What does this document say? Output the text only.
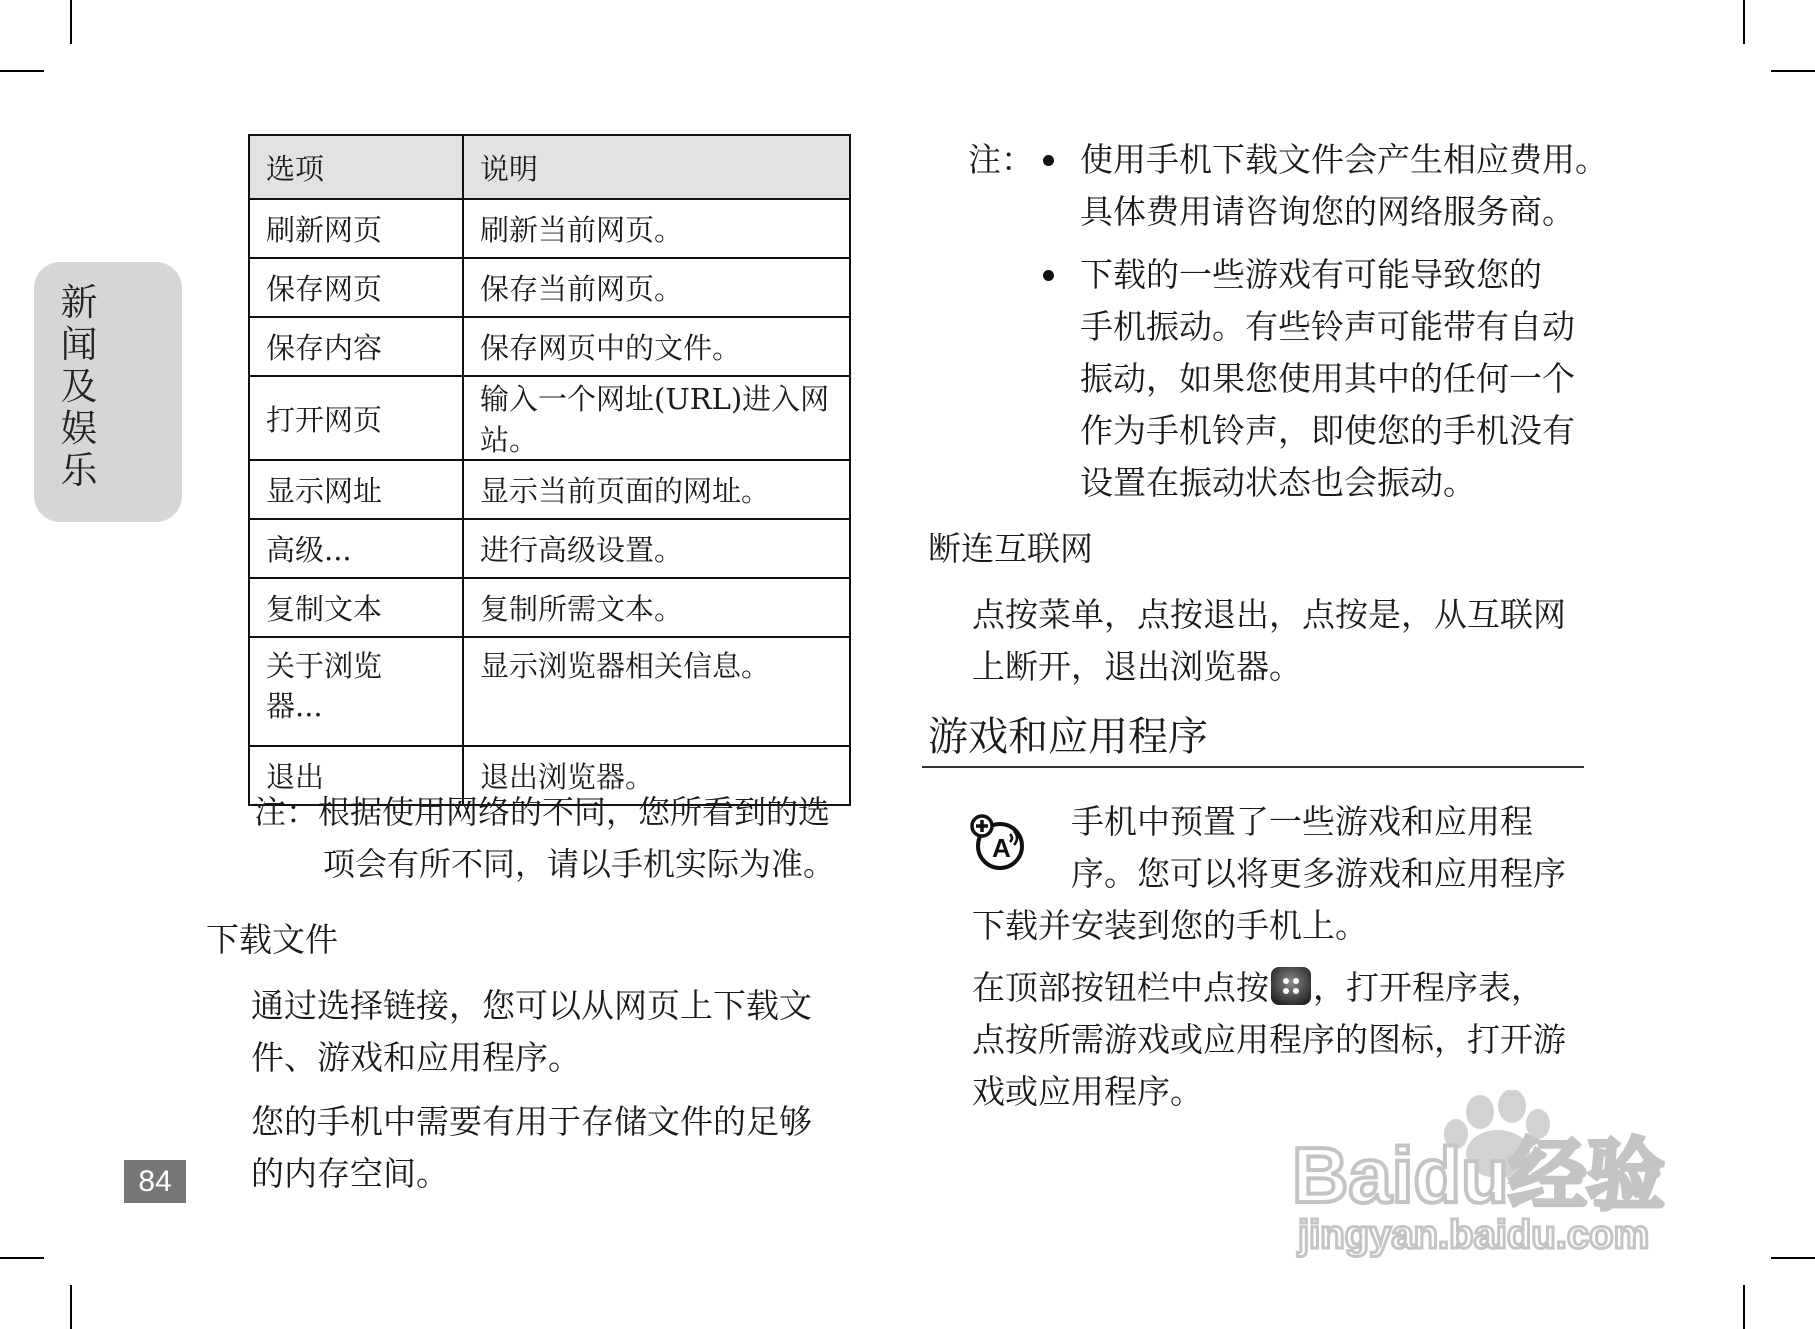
新
闻
及
娱
乐
84
选项	说明
刷新网页	刷新当前网页。
保存网页	保存当前网页。
保存内容	保存网页中的文件。
打开网页	输入一个网址(URL)进入网站。
显示网址	显示当前页面的网址。
高级...	进行高级设置。
复制文本	复制所需文本。
关于浏览器...	显示浏览器相关信息。
退出	退出浏览器。
注：根据使用网络的不同，您所看到的选
项会有所不同，请以手机实际为准。
下载文件
通过选择链接，您可以从网页上下载文
件、游戏和应用程序。
您的手机中需要有用于存储文件的足够
的内存空间。
注： 使用手机下载文件会产生相应费用。
具体费用请咨询您的网络服务商。
下载的一些游戏有可能导致您的
手机振动。有些铃声可能带有自动
振动，如果您使用其中的任何一个
作为手机铃声，即使您的手机没有
设置在振动状态也会振动。
断连互联网
点按菜单，点按退出，点按是，从互联网
上断开，退出浏览器。
游戏和应用程序
A
手机中预置了一些游戏和应用程
序。您可以将更多游戏和应用程序
下载并安装到您的手机上。
在顶部按钮栏中点按 ，打开程序表，
点按所需游戏或应用程序的图标，打开游
戏或应用程序。
Baidu经验
jingyan.baidu.com
